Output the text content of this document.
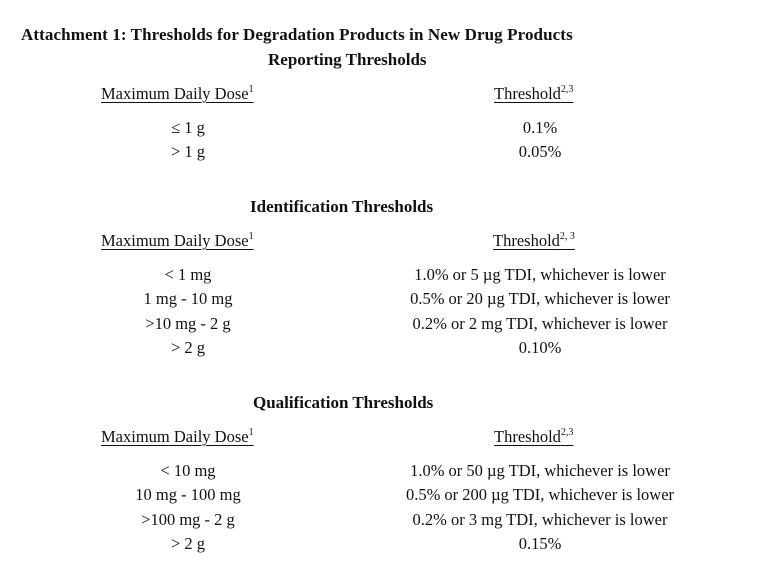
Attachment 1: Thresholds for Degradation Products in New Drug Products
Reporting Thresholds
Maximum Daily Dose$^1$	Threshold$^{2,3}$
≤ 1 g	0.1%
> 1 g	0.05%
Identification Thresholds
Maximum Daily Dose$^1$	Threshold$^{2, 3}$
< 1 mg	1.0% or 5 µg TDI, whichever is lower
1 mg - 10 mg	0.5% or 20 µg TDI, whichever is lower
>10 mg - 2 g	0.2% or 2 mg TDI, whichever is lower
> 2 g	0.10%
Qualification Thresholds
Maximum Daily Dose$^1$	Threshold$^{2,3}$
< 10 mg	1.0% or 50 µg TDI, whichever is lower
10 mg - 100 mg	0.5% or 200 µg TDI, whichever is lower
>100 mg - 2 g	0.2% or 3 mg TDI, whichever is lower
> 2 g	0.15%
